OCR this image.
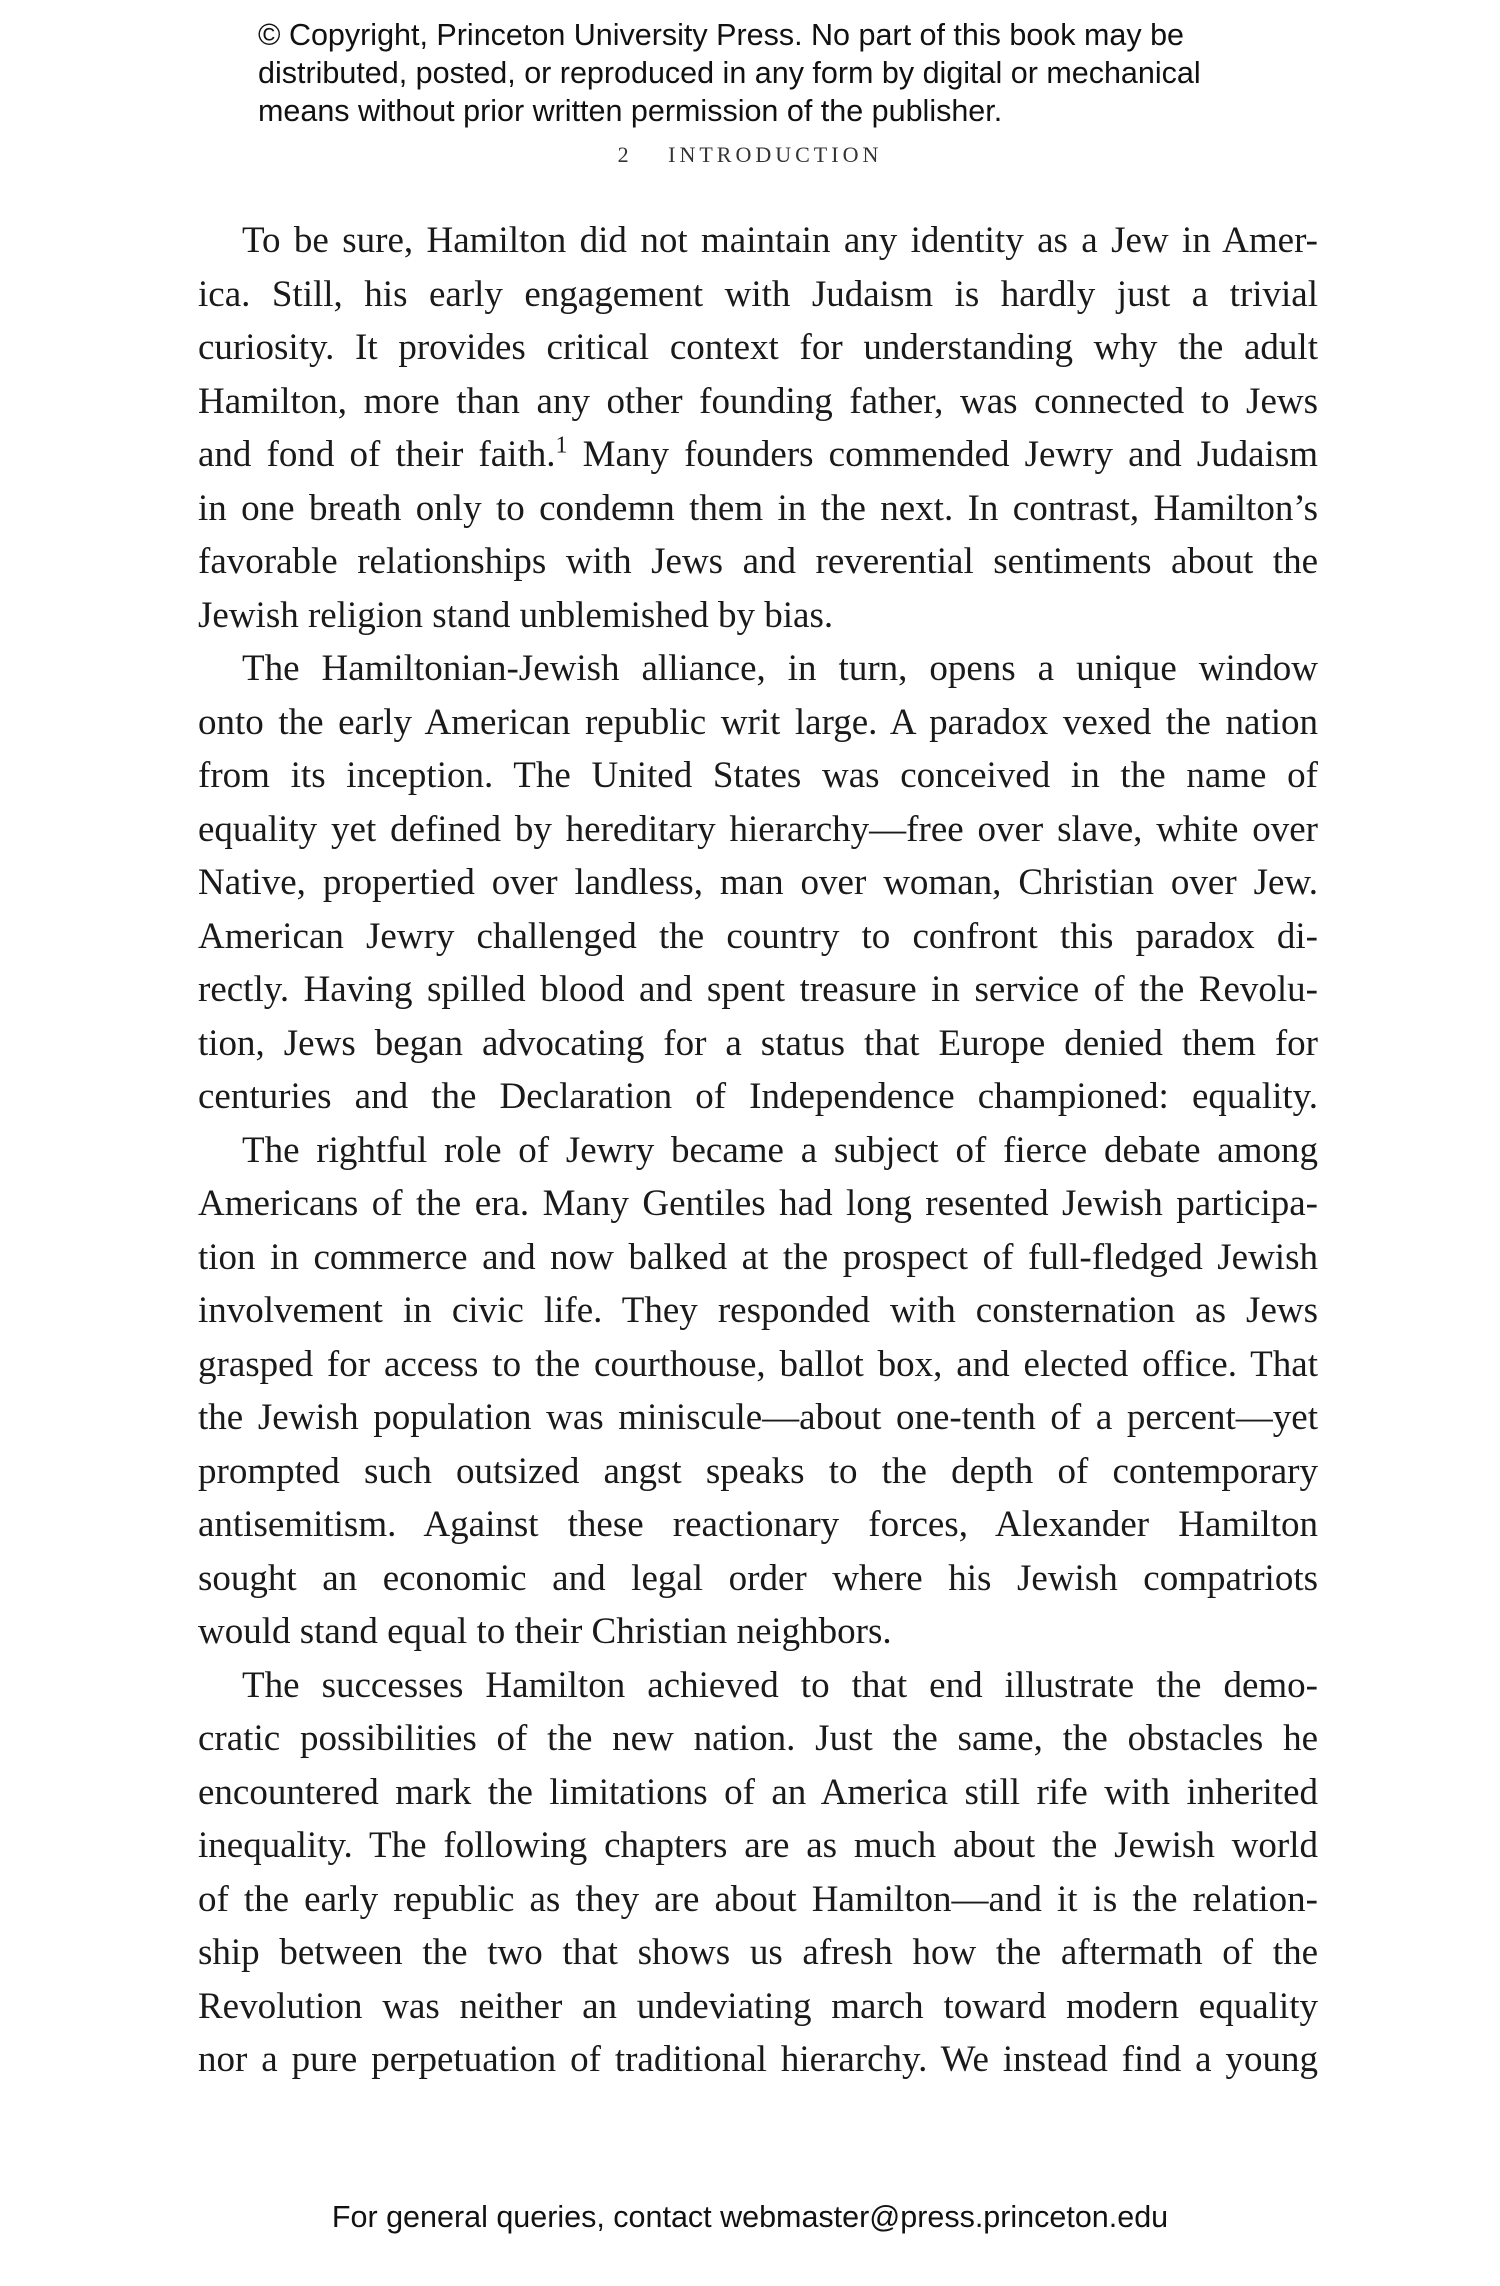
© Copyright, Princeton University Press. No part of this book may be
distributed, posted, or reproduced in any form by digital or mechanical
means without prior written permission of the publisher.
2 INTRODUCTION
To be sure, Hamilton did not maintain any identity as a Jew in Amer-
ica. Still, his early engagement with Judaism is hardly just a trivial
curiosity. It provides critical context for understanding why the adult
Hamilton, more than any other founding father, was connected to Jews
and fond of their faith.$^1$ Many founders commended Jewry and Judaism
in one breath only to condemn them in the next. In contrast, Hamilton’s
favorable relationships with Jews and reverential sentiments about the
Jewish religion stand unblemished by bias.
The Hamiltonian-Jewish alliance, in turn, opens a unique window
onto the early American republic writ large. A paradox vexed the nation
from its inception. The United States was conceived in the name of
equality yet defined by hereditary hierarchy—free over slave, white over
Native, propertied over landless, man over woman, Christian over Jew.
American Jewry challenged the country to confront this paradox di-
rectly. Having spilled blood and spent treasure in service of the Revolu-
tion, Jews began advocating for a status that Europe denied them for
centuries and the Declaration of Independence championed: equality.
The rightful role of Jewry became a subject of fierce debate among
Americans of the era. Many Gentiles had long resented Jewish participa-
tion in commerce and now balked at the prospect of full-fledged Jewish
involvement in civic life. They responded with consternation as Jews
grasped for access to the courthouse, ballot box, and elected office. That
the Jewish population was miniscule—about one-tenth of a percent—yet
prompted such outsized angst speaks to the depth of contemporary
antisemitism. Against these reactionary forces, Alexander Hamilton
sought an economic and legal order where his Jewish compatriots
would stand equal to their Christian neighbors.
The successes Hamilton achieved to that end illustrate the demo-
cratic possibilities of the new nation. Just the same, the obstacles he
encountered mark the limitations of an America still rife with inherited
inequality. The following chapters are as much about the Jewish world
of the early republic as they are about Hamilton—and it is the relation-
ship between the two that shows us afresh how the aftermath of the
Revolution was neither an undeviating march toward modern equality
nor a pure perpetuation of traditional hierarchy. We instead find a young
For general queries, contact webmaster@press.princeton.edu
